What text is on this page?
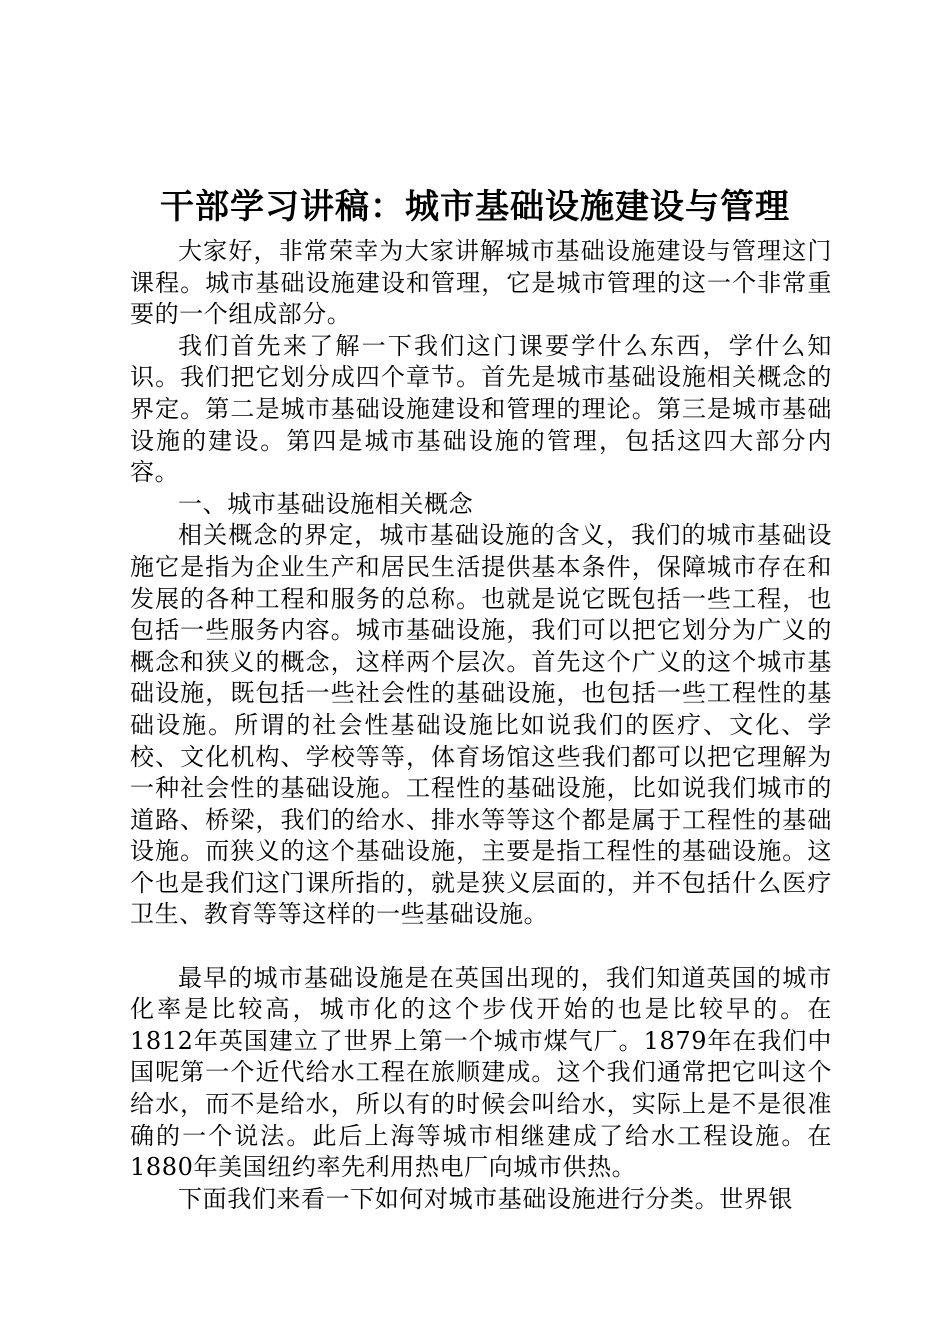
干部学习讲稿：城市基础设施建设与管理

大家好，非常荣幸为大家讲解城市基础设施建设与管理这门课程。城市基础设施建设和管理，它是城市管理的这一个非常重要的一个组成部分。

我们首先来了解一下我们这门课要学什么东西，学什么知识。我们把它划分成四个章节。首先是城市基础设施相关概念的界定。第二是城市基础设施建设和管理的理论。第三是城市基础设施的建设。第四是城市基础设施的管理，包括这四大部分内容。

一、城市基础设施相关概念

相关概念的界定，城市基础设施的含义，我们的城市基础设施它是指为企业生产和居民生活提供基本条件，保障城市存在和发展的各种工程和服务的总称。也就是说它既包括一些工程，也包括一些服务内容。城市基础设施，我们可以把它划分为广义的概念和狭义的概念，这样两个层次。首先这个广义的这个城市基础设施，既包括一些社会性的基础设施，也包括一些工程性的基础设施。所谓的社会性基础设施比如说我们的医疗、文化、学校、文化机构、学校等等，体育场馆这些我们都可以把它理解为一种社会性的基础设施。工程性的基础设施，比如说我们城市的道路、桥梁，我们的给水、排水等等这个都是属于工程性的基础设施。而狭义的这个基础设施，主要是指工程性的基础设施。这个也是我们这门课所指的，就是狭义层面的，并不包括什么医疗卫生、教育等等这样的一些基础设施。

最早的城市基础设施是在英国出现的，我们知道英国的城市化率是比较高，城市化的这个步伐开始的也是比较早的。在1812年英国建立了世界上第一个城市煤气厂。1879年在我们中国呢第一个近代给水工程在旅顺建成。这个我们通常把它叫这个给水，而不是给水，所以有的时候会叫给水，实际上是不是很准确的一个说法。此后上海等城市相继建成了给水工程设施。在1880年美国纽约率先利用热电厂向城市供热。

下面我们来看一下如何对城市基础设施进行分类。世界银
